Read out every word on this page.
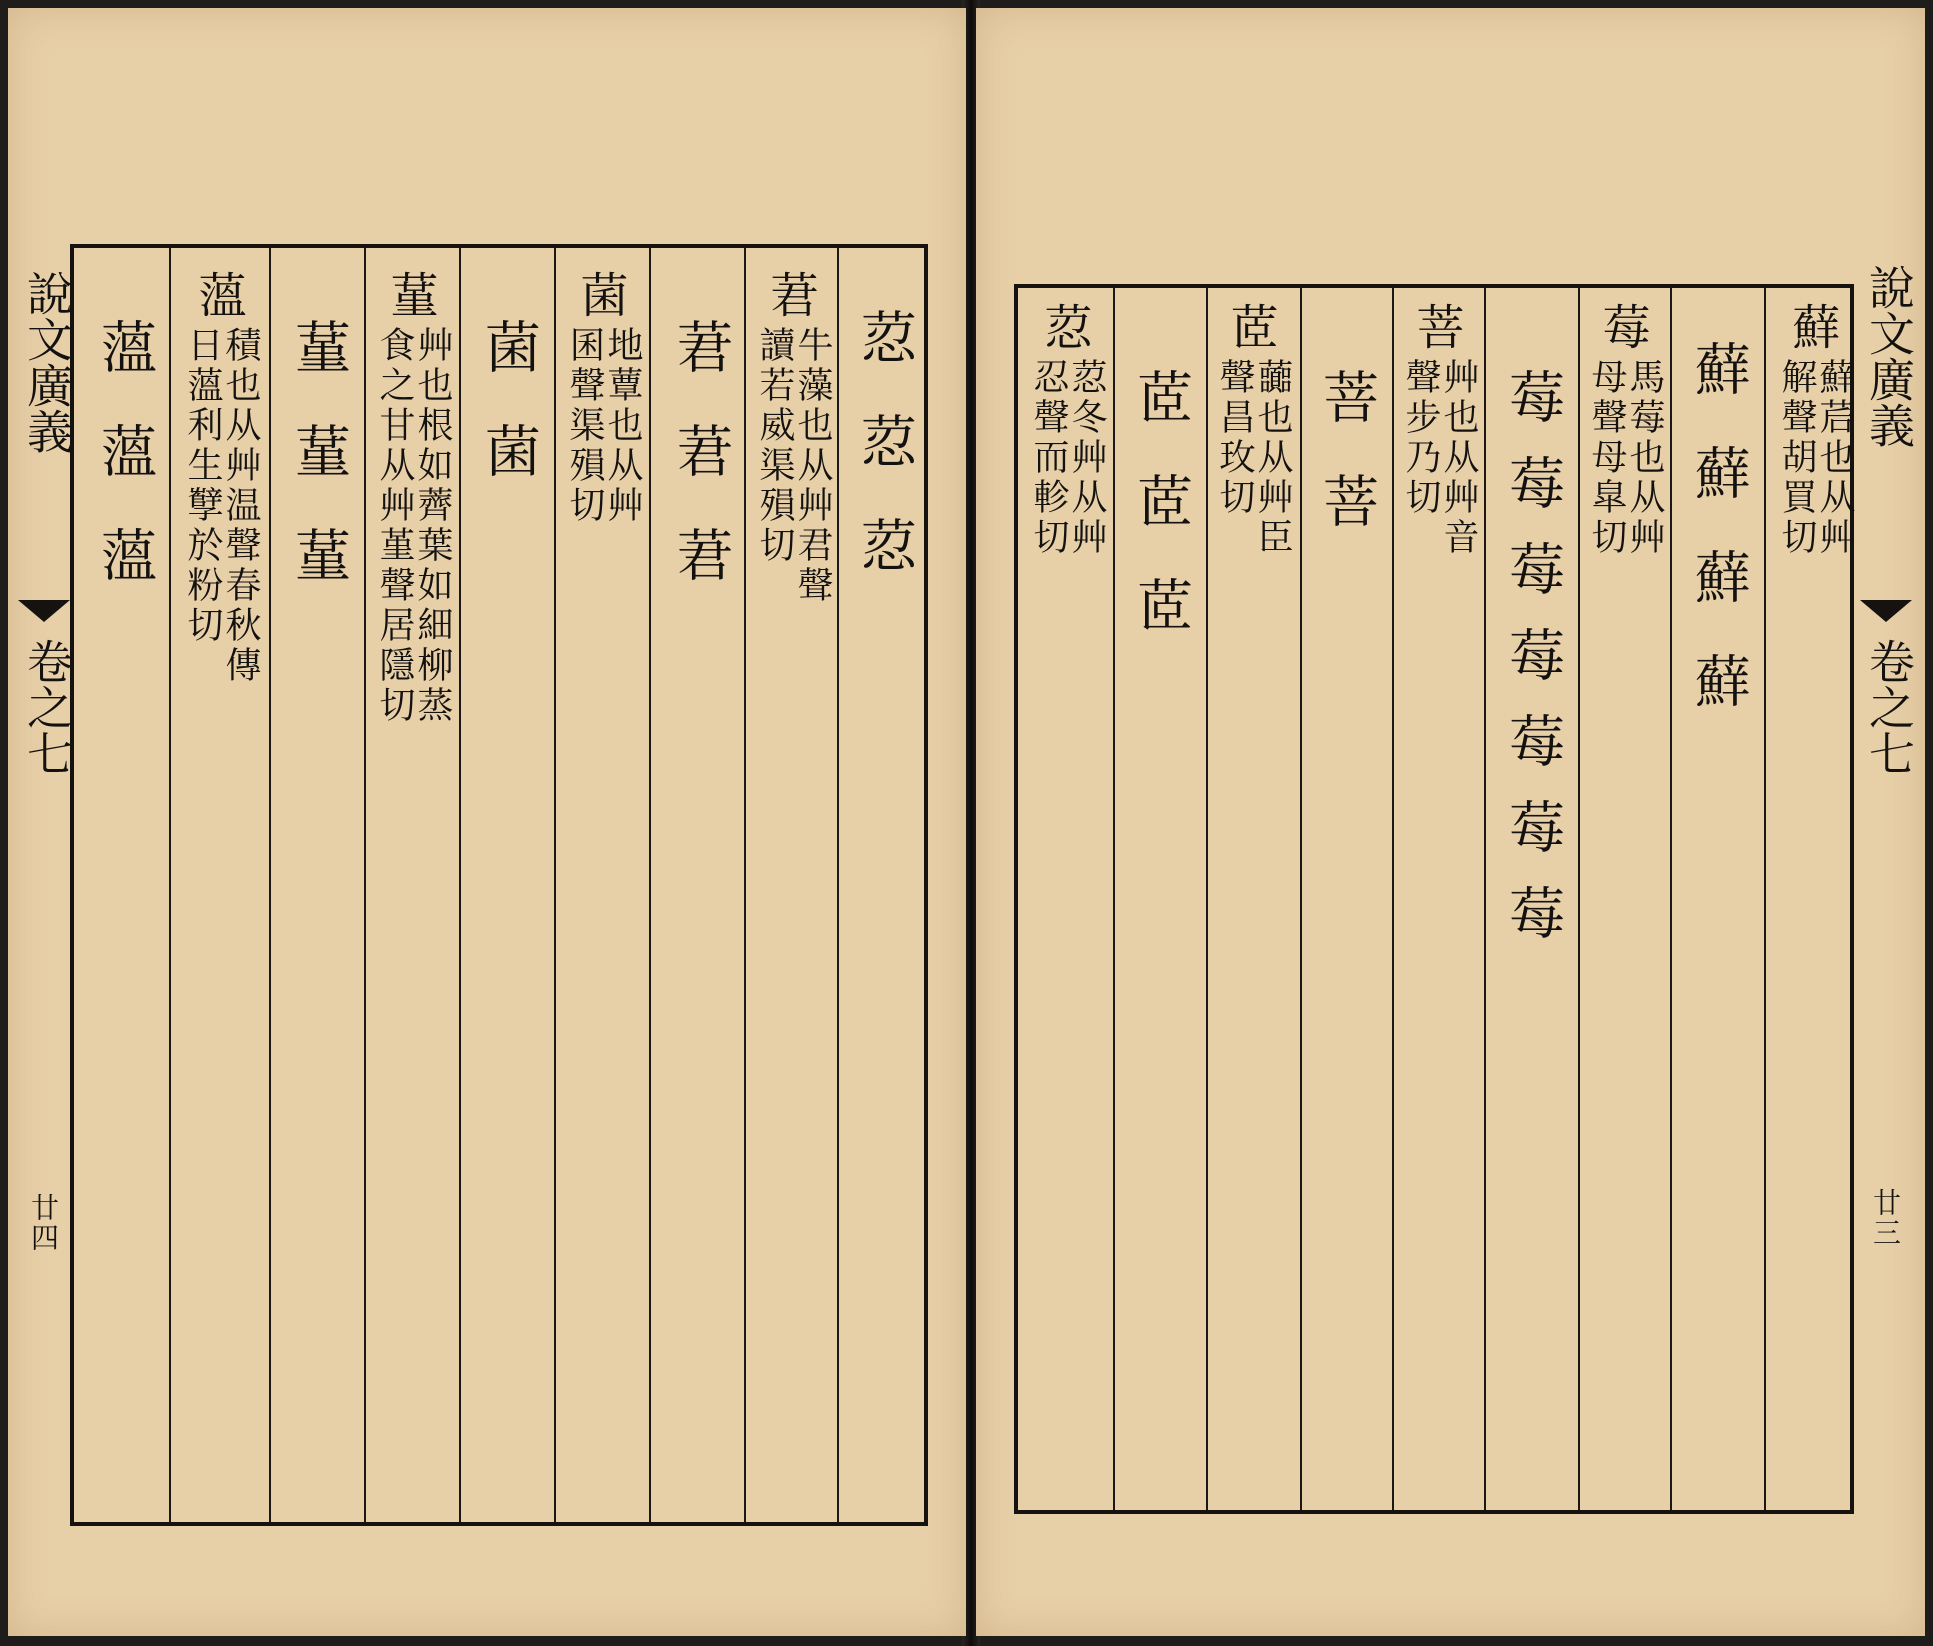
說文廣義
卷之七
廿四
荵荵荵
莙
牛藻也从艸君聲
讀若威渠殞切
莙莙莙
菌
地蕈也从艸
囷聲渠殞切
菌菌
蓳
艸也根如薺葉如細柳蒸
食之甘从艸堇聲居隱切
蓳蓳蓳
薀
積也从艸温聲春秋傳
日薀利生孼於粉切
薀薀薀	蘚
蘚茩也从艸
解聲胡買切
蘚蘚蘚蘚
莓
馬莓也从艸
母聲母皐切
莓莓莓莓莓莓莓
菩
艸也从艸音
聲步乃切
菩菩
茝
虈也从艸臣
聲昌玫切
茝茝茝
荵
荵冬艸从艸
忍聲而軫切
說文廣義
卷之七
廿三
